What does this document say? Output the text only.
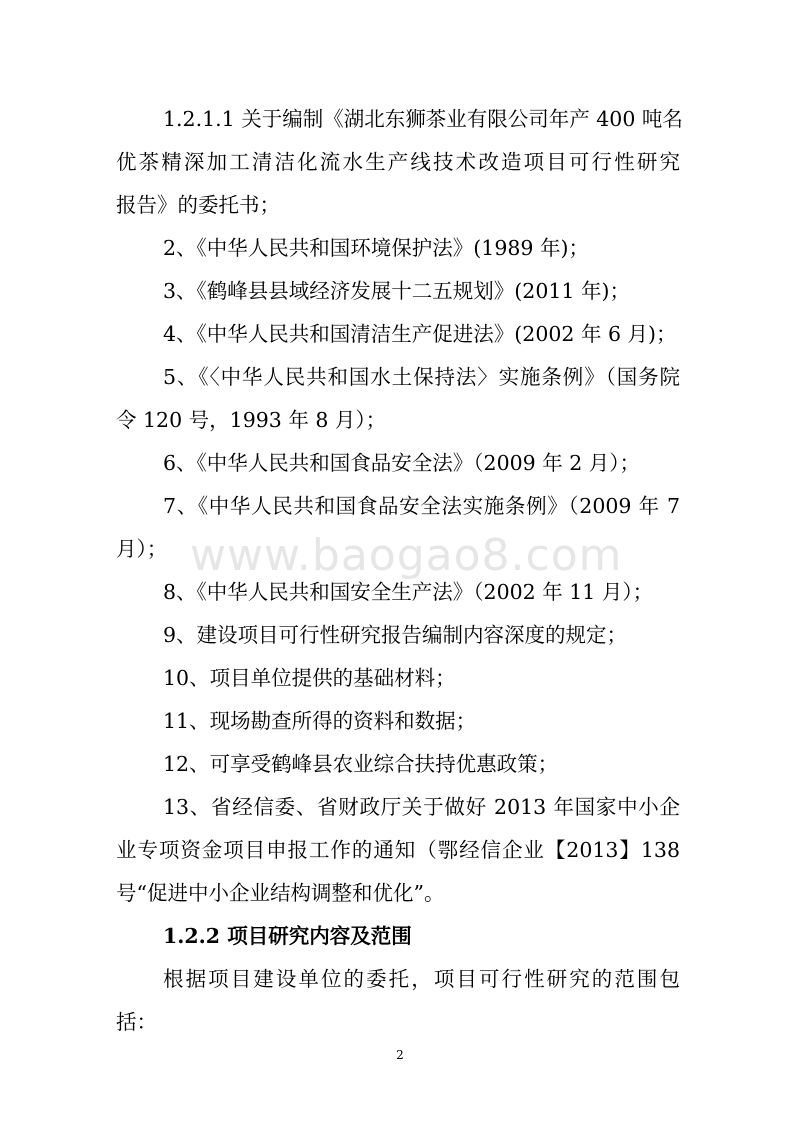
1.2.1.1 关于编制《湖北东狮茶业有限公司年产 400 吨名
优茶精深加工清洁化流水生产线技术改造项目可行性研究
报告》的委托书；
2、《中华人民共和国环境保护法》(1989 年)；
3、《鹤峰县县域经济发展十二五规划》(2011 年)；
4、《中华人民共和国清洁生产促进法》(2002 年 6 月)；
5、《〈中华人民共和国水土保持法〉实施条例》（国务院
令 120 号，1993 年 8 月）；
6、《中华人民共和国食品安全法》（2009 年 2 月）；
7、《中华人民共和国食品安全法实施条例》（2009 年 7
月）； www.baogao8.com
8、《中华人民共和国安全生产法》（2002 年 11 月）；
9、建设项目可行性研究报告编制内容深度的规定；
10、项目单位提供的基础材料；
11、现场勘查所得的资料和数据；
12、可享受鹤峰县农业综合扶持优惠政策；
13、省经信委、省财政厅关于做好 2013 年国家中小企
业专项资金项目申报工作的通知（鄂经信企业【2013】138
号“促进中小企业结构调整和优化”。
1.2.2 项目研究内容及范围
根据项目建设单位的委托，项目可行性研究的范围包
括：
2
